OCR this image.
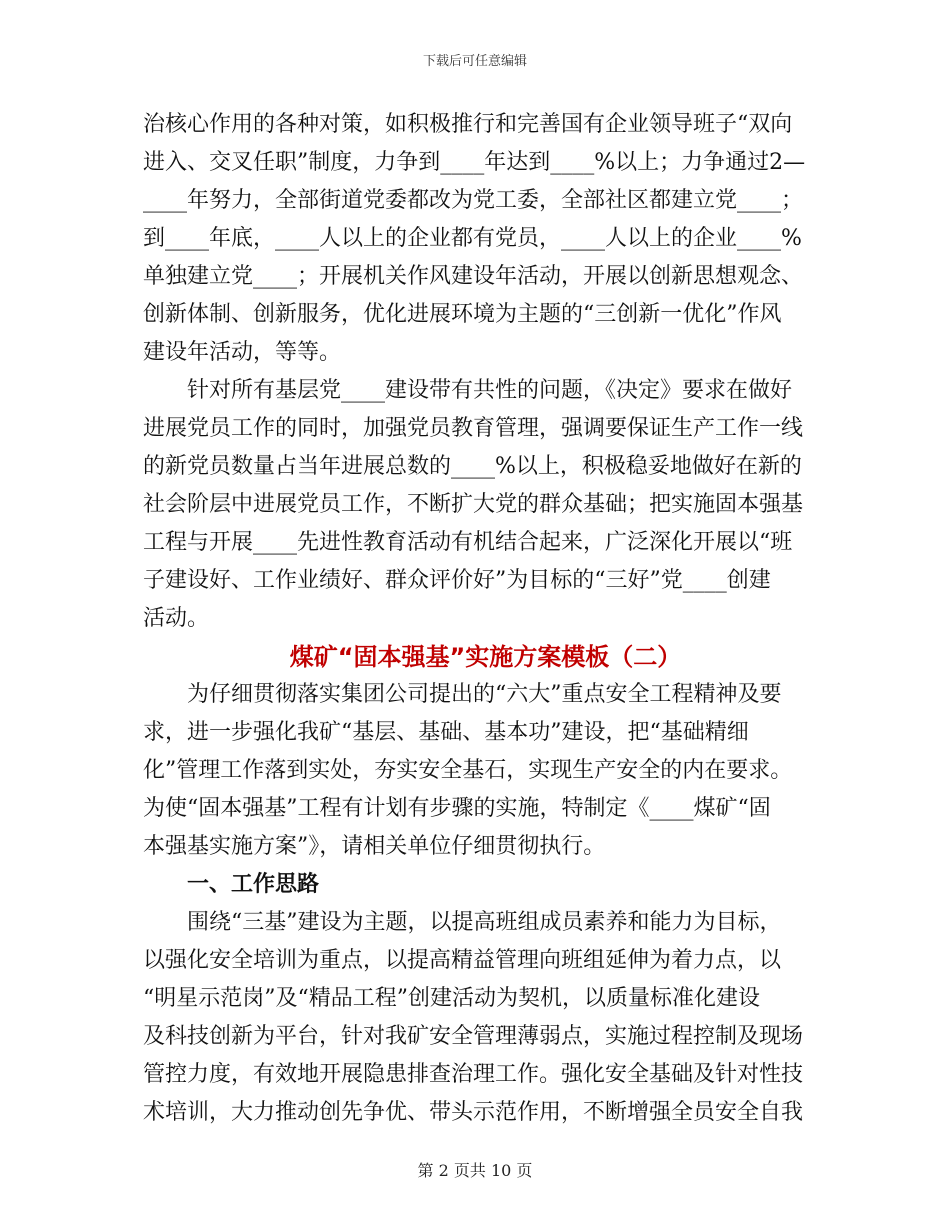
下载后可任意编辑
治核心作用的各种对策，如积极推行和完善国有企业领导班子“双向
进入、交叉任职”制度，力争到____年达到____%以上；力争通过2—
____年努力，全部街道党委都改为党工委，全部社区都建立党____；
到____年底，____人以上的企业都有党员，____人以上的企业____%
单独建立党____；开展机关作风建设年活动，开展以创新思想观念、
创新体制、创新服务，优化进展环境为主题的“三创新一优化”作风
建设年活动，等等。
针对所有基层党____建设带有共性的问题，《决定》要求在做好
进展党员工作的同时，加强党员教育管理，强调要保证生产工作一线
的新党员数量占当年进展总数的____%以上，积极稳妥地做好在新的
社会阶层中进展党员工作，不断扩大党的群众基础；把实施固本强基
工程与开展____先进性教育活动有机结合起来，广泛深化开展以“班
子建设好、工作业绩好、群众评价好”为目标的“三好”党____创建
活动。
煤矿“固本强基”实施方案模板（二）
为仔细贯彻落实集团公司提出的“六大”重点安全工程精神及要
求，进一步强化我矿“基层、基础、基本功”建设，把“基础精细
化”管理工作落到实处，夯实安全基石，实现生产安全的内在要求。
为使“固本强基”工程有计划有步骤的实施，特制定《____煤矿“固
本强基实施方案”》，请相关单位仔细贯彻执行。
一、工作思路
围绕“三基”建设为主题，以提高班组成员素养和能力为目标，
以强化安全培训为重点，以提高精益管理向班组延伸为着力点，以
“明星示范岗”及“精品工程”创建活动为契机，以质量标准化建设
及科技创新为平台，针对我矿安全管理薄弱点，实施过程控制及现场
管控力度，有效地开展隐患排查治理工作。强化安全基础及针对性技
术培训，大力推动创先争优、带头示范作用，不断增强全员安全自我
第 2 页共 10 页
